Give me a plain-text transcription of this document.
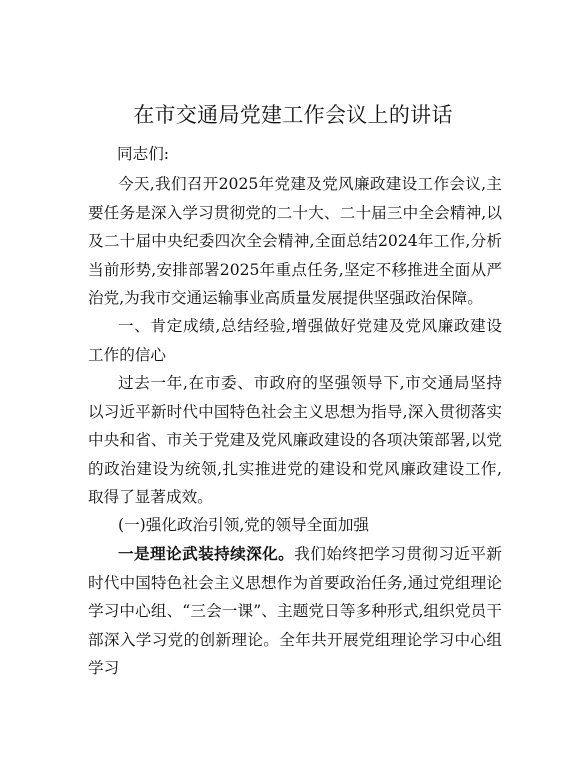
在市交通局党建工作会议上的讲话
同志们:
今天,我们召开2025年党建及党风廉政建设工作会议,主要任务是深入学习贯彻党的二十大、二十届三中全会精神,以及二十届中央纪委四次全会精神,全面总结2024年工作,分析当前形势,安排部署2025年重点任务,坚定不移推进全面从严治党,为我市交通运输事业高质量发展提供坚强政治保障。
一、肯定成绩,总结经验,增强做好党建及党风廉政建设工作的信心
过去一年,在市委、市政府的坚强领导下,市交通局坚持以习近平新时代中国特色社会主义思想为指导,深入贯彻落实中央和省、市关于党建及党风廉政建设的各项决策部署,以党的政治建设为统领,扎实推进党的建设和党风廉政建设工作,取得了显著成效。
(一)强化政治引领,党的领导全面加强
一是理论武装持续深化。我们始终把学习贯彻习近平新时代中国特色社会主义思想作为首要政治任务,通过党组理论学习中心组、“三会一课”、主题党日等多种形式,组织党员干部深入学习党的创新理论。全年共开展党组理论学习中心组学习
